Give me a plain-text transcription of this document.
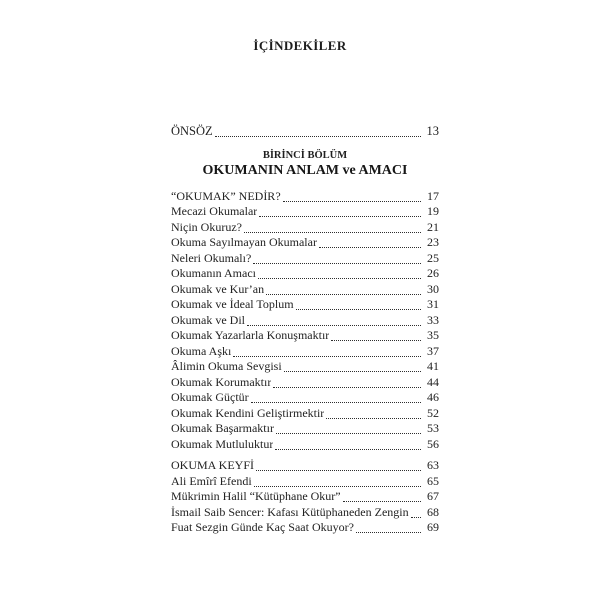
İÇİNDEKİLER
ÖNSÖZ	13
BİRİNCİ BÖLÜM
OKUMANIN ANLAM ve AMACI
“OKUMAK” NEDİR?	17
Mecazi Okumalar	19
Niçin Okuruz?	21
Okuma Sayılmayan Okumalar	23
Neleri Okumalı?	25
Okumanın Amacı	26
Okumak ve Kur’an	30
Okumak ve İdeal Toplum	31
Okumak ve Dil	33
Okumak Yazarlarla Konuşmaktır	35
Okuma Aşkı	37
Âlimin Okuma Sevgisi	41
Okumak Korumaktır	44
Okumak Güçtür	46
Okumak Kendini Geliştirmektir	52
Okumak Başarmaktır	53
Okumak Mutluluktur	56
OKUMA KEYFİ	63
Ali Emîrî Efendi	65
Mükrimin Halil “Kütüphane Okur”	67
İsmail Saib Sencer: Kafası Kütüphaneden Zengin 68
Fuat Sezgin Günde Kaç Saat Okuyor?	69
